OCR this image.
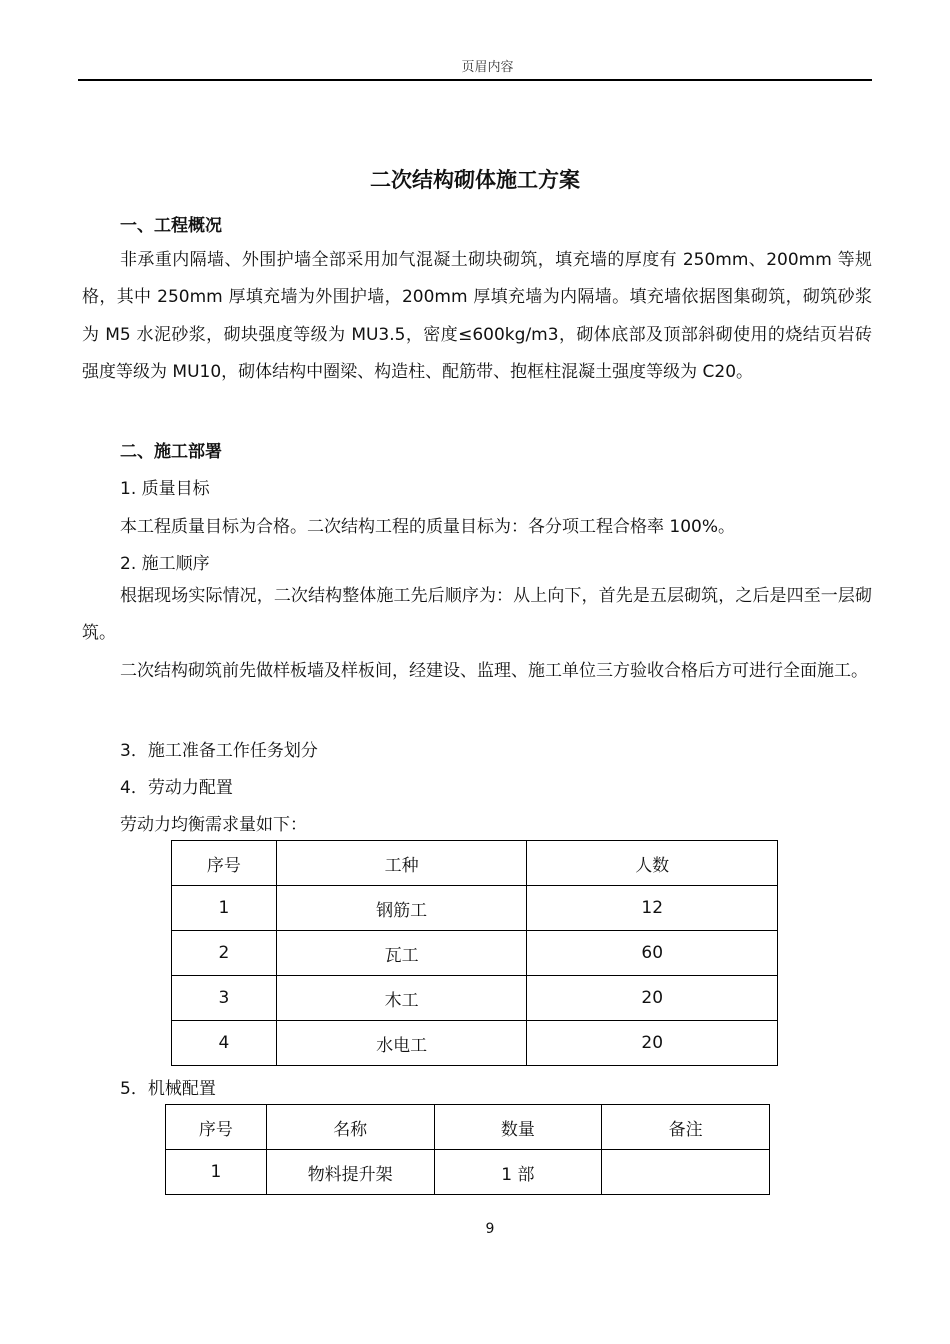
页眉内容
二次结构砌体施工方案
一、工程概况
非承重内隔墙、外围护墙全部采用加气混凝土砌块砌筑，填充墙的厚度有 250mm、200mm 等规格，其中 250mm 厚填充墙为外围护墙，200mm 厚填充墙为内隔墙。填充墙依据图集砌筑，砌筑砂浆为 M5 水泥砂浆，砌块强度等级为 MU3.5，密度≤600kg/m3，砌体底部及顶部斜砌使用的烧结页岩砖强度等级为 MU10，砌体结构中圈梁、构造柱、配筋带、抱框柱混凝土强度等级为 C20。
二、施工部署
1. 质量目标
本工程质量目标为合格。二次结构工程的质量目标为：各分项工程合格率 100%。
2. 施工顺序
根据现场实际情况，二次结构整体施工先后顺序为：从上向下，首先是五层砌筑，之后是四至一层砌筑。
二次结构砌筑前先做样板墙及样板间，经建设、监理、施工单位三方验收合格后方可进行全面施工。
3．施工准备工作任务划分
4．劳动力配置
劳动力均衡需求量如下：
序号	工种	人数
1	钢筋工	12
2	瓦工	60
3	木工	20
4	水电工	20
5．机械配置
序号	名称	数量	备注
1	物料提升架	1 部	
9
